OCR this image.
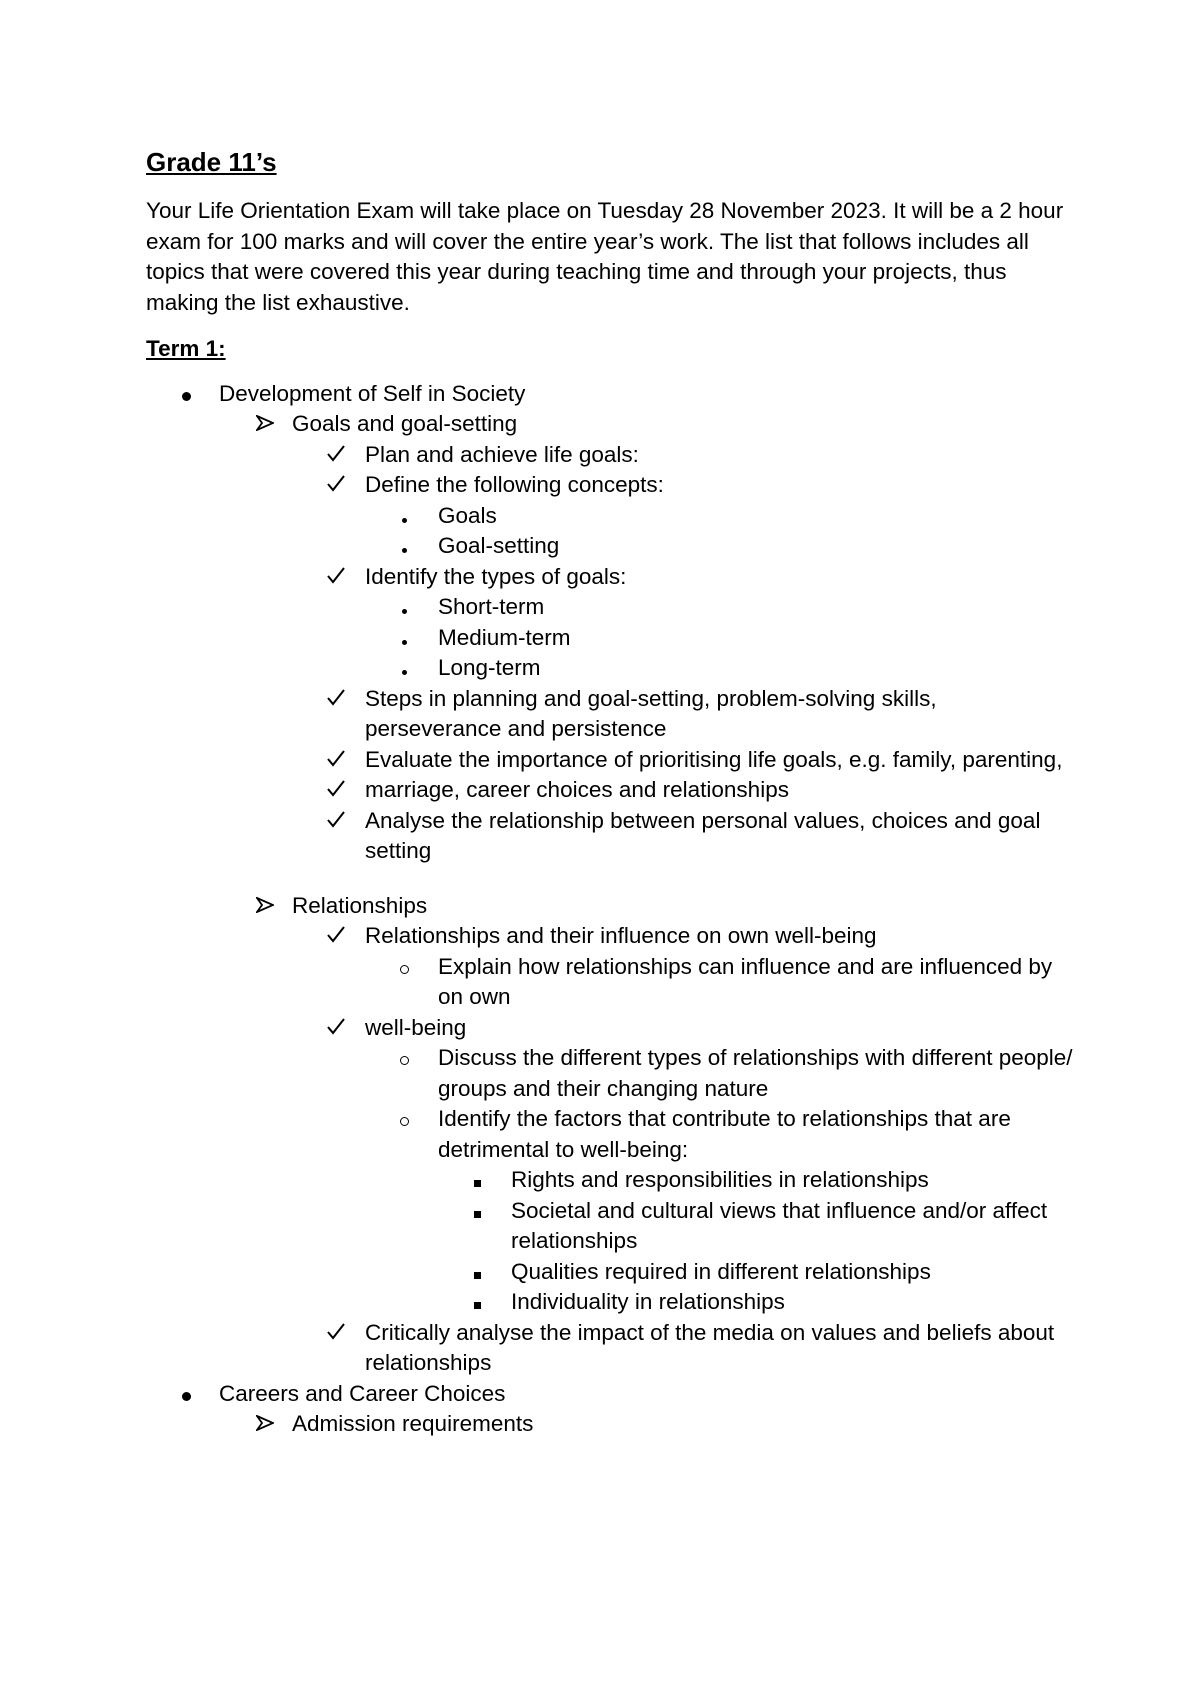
Grade 11’s
Your Life Orientation Exam will take place on Tuesday 28 November 2023. It will be a 2 hour exam for 100 marks and will cover the entire year’s work. The list that follows includes all topics that were covered this year during teaching time and through your projects, thus making the list exhaustive.
Term 1:
Development of Self in Society
Goals and goal-setting
Plan and achieve life goals:
Define the following concepts:
Goals
Goal-setting
Identify the types of goals:
Short-term
Medium-term
Long-term
Steps in planning and goal-setting, problem-solving skills, perseverance and persistence
Evaluate the importance of prioritising life goals, e.g. family, parenting,
marriage, career choices and relationships
Analyse the relationship between personal values, choices and goal setting
Relationships
Relationships and their influence on own well-being
Explain how relationships can influence and are influenced by on own
well-being
Discuss the different types of relationships with different people/ groups and their changing nature
Identify the factors that contribute to relationships that are detrimental to well-being:
Rights and responsibilities in relationships
Societal and cultural views that influence and/or affect relationships
Qualities required in different relationships
Individuality in relationships
Critically analyse the impact of the media on values and beliefs about relationships
Careers and Career Choices
Admission requirements
